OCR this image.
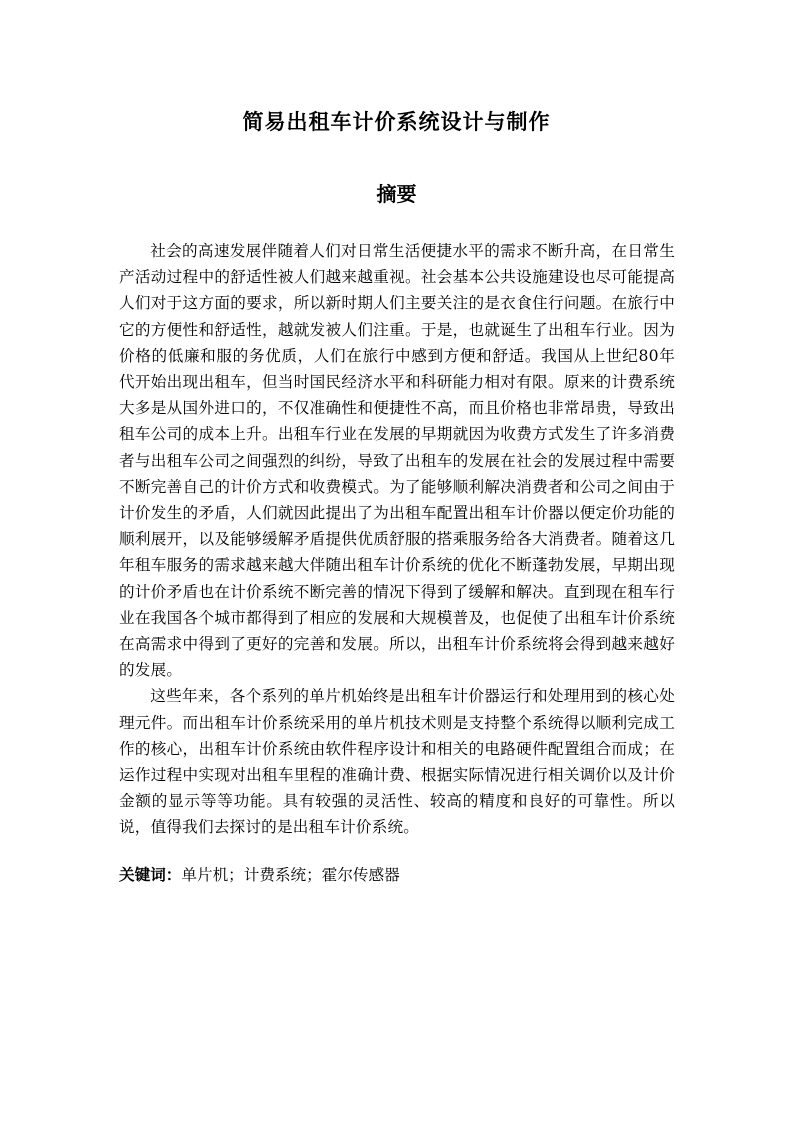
简易出租车计价系统设计与制作
摘要

社会的高速发展伴随着人们对日常生活便捷水平的需求不断升高，在日常生产活动过程中的舒适性被人们越来越重视。社会基本公共设施建设也尽可能提高人们对于这方面的要求，所以新时期人们主要关注的是衣食住行问题。在旅行中它的方便性和舒适性，越就发被人们注重。于是，也就诞生了出租车行业。因为价格的低廉和服的务优质，人们在旅行中感到方便和舒适。我国从上世纪80年代开始出现出租车，但当时国民经济水平和科研能力相对有限。原来的计费系统大多是从国外进口的，不仅准确性和便捷性不高，而且价格也非常昂贵，导致出租车公司的成本上升。出租车行业在发展的早期就因为收费方式发生了许多消费者与出租车公司之间强烈的纠纷，导致了出租车的发展在社会的发展过程中需要不断完善自己的计价方式和收费模式。为了能够顺利解决消费者和公司之间由于计价发生的矛盾，人们就因此提出了为出租车配置出租车计价器以便定价功能的顺利展开，以及能够缓解矛盾提供优质舒服的搭乘服务给各大消费者。随着这几年租车服务的需求越来越大伴随出租车计价系统的优化不断蓬勃发展，早期出现的计价矛盾也在计价系统不断完善的情况下得到了缓解和解决。直到现在租车行业在我国各个城市都得到了相应的发展和大规模普及，也促使了出租车计价系统在高需求中得到了更好的完善和发展。所以，出租车计价系统将会得到越来越好的发展。

这些年来，各个系列的单片机始终是出租车计价器运行和处理用到的核心处理元件。而出租车计价系统采用的单片机技术则是支持整个系统得以顺利完成工作的核心，出租车计价系统由软件程序设计和相关的电路硬件配置组合而成；在运作过程中实现对出租车里程的准确计费、根据实际情况进行相关调价以及计价金额的显示等等功能。具有较强的灵活性、较高的精度和良好的可靠性。所以说，值得我们去探讨的是出租车计价系统。

关键词：单片机；计费系统；霍尔传感器
